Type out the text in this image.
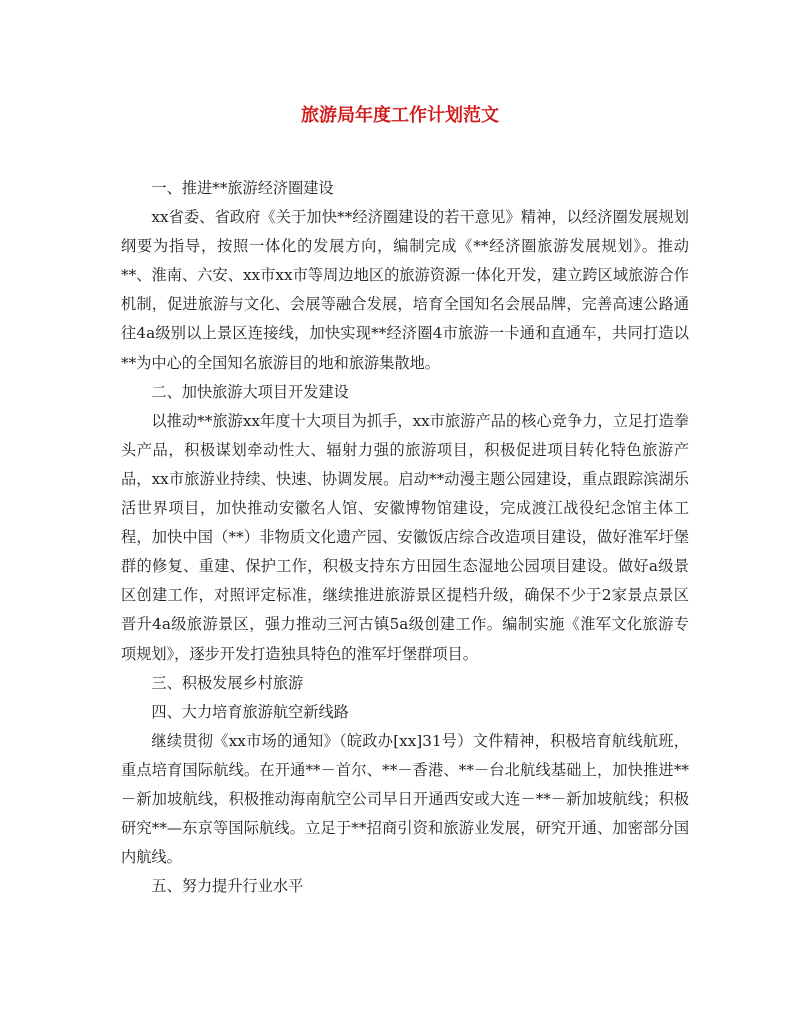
旅游局年度工作计划范文

一、推进**旅游经济圈建设

xx省委、省政府《关于加快**经济圈建设的若干意见》精神，以经济圈发展规划纲要为指导，按照一体化的发展方向，编制完成《**经济圈旅游发展规划》。推动**、淮南、六安、xx市xx市等周边地区的旅游资源一体化开发，建立跨区域旅游合作机制，促进旅游与文化、会展等融合发展，培育全国知名会展品牌，完善高速公路通往4a级别以上景区连接线，加快实现**经济圈4市旅游一卡通和直通车，共同打造以**为中心的全国知名旅游目的地和旅游集散地。

二、加快旅游大项目开发建设

以推动**旅游xx年度十大项目为抓手，xx市旅游产品的核心竞争力，立足打造拳头产品，积极谋划牵动性大、辐射力强的旅游项目，积极促进项目转化特色旅游产品，xx市旅游业持续、快速、协调发展。启动**动漫主题公园建设，重点跟踪滨湖乐活世界项目，加快推动安徽名人馆、安徽博物馆建设，完成渡江战役纪念馆主体工程，加快中国（**）非物质文化遗产园、安徽饭店综合改造项目建设，做好淮军圩堡群的修复、重建、保护工作，积极支持东方田园生态湿地公园项目建设。做好a级景区创建工作，对照评定标准，继续推进旅游景区提档升级，确保不少于2家景点景区晋升4a级旅游景区，强力推动三河古镇5a级创建工作。编制实施《淮军文化旅游专项规划》，逐步开发打造独具特色的淮军圩堡群项目。

三、积极发展乡村旅游

四、大力培育旅游航空新线路

继续贯彻《xx市场的通知》（皖政办[xx]31号）文件精神，积极培育航线航班，重点培育国际航线。在开通**－首尔、**－香港、**－台北航线基础上，加快推进**－新加坡航线，积极推动海南航空公司早日开通西安或大连－**－新加坡航线；积极研究**—东京等国际航线。立足于**招商引资和旅游业发展，研究开通、加密部分国内航线。

五、努力提升行业水平
